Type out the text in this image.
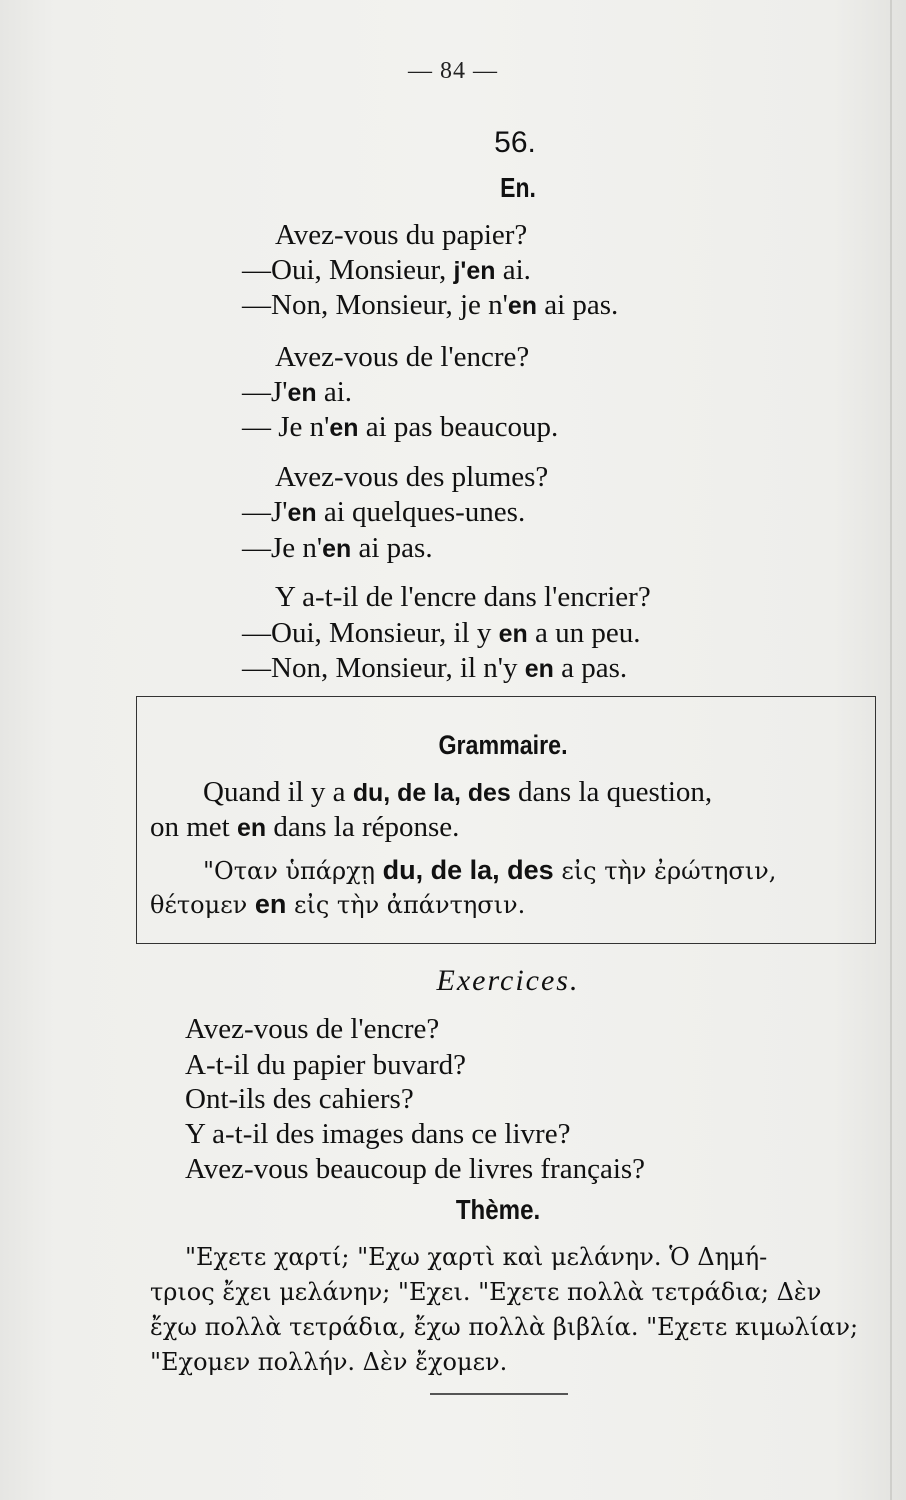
— 84 —
56.
En.
Avez-vous du papier?
—Oui, Monsieur, j'en ai.
—Non, Monsieur, je n'en ai pas.
Avez-vous de l'encre?
—J'en ai.
— Je n'en ai pas beaucoup.
Avez-vous des plumes?
—J'en ai quelques-unes.
—Je n'en ai pas.
Y a-t-il de l'encre dans l'encrier?
—Oui, Monsieur, il y en a un peu.
—Non, Monsieur, il n'y en a pas.
Grammaire.
Quand il y a du, de la, des dans la question,
on met en dans la réponse.
"Οταν ὑπάρχῃ du, de la, des εἰς τὴν ἐρώτησιν,
θέτομεν en εἰς τὴν ἀπάντησιν.
Exercices.
Avez-vous de l'encre?
A-t-il du papier buvard?
Ont-ils des cahiers?
Y a-t-il des images dans ce livre?
Avez-vous beaucoup de livres français?
Thème.
"Εχετε χαρτί; "Εχω χαρτὶ καὶ μελάνην. Ὁ Δημή-
τριος ἔχει μελάνην; "Εχει. "Εχετε πολλὰ τετράδια; Δὲν
ἔχω πολλὰ τετράδια, ἔχω πολλὰ βιβλία. "Εχετε κιμωλίαν;
"Εχομεν πολλήν. Δὲν ἔχομεν.
